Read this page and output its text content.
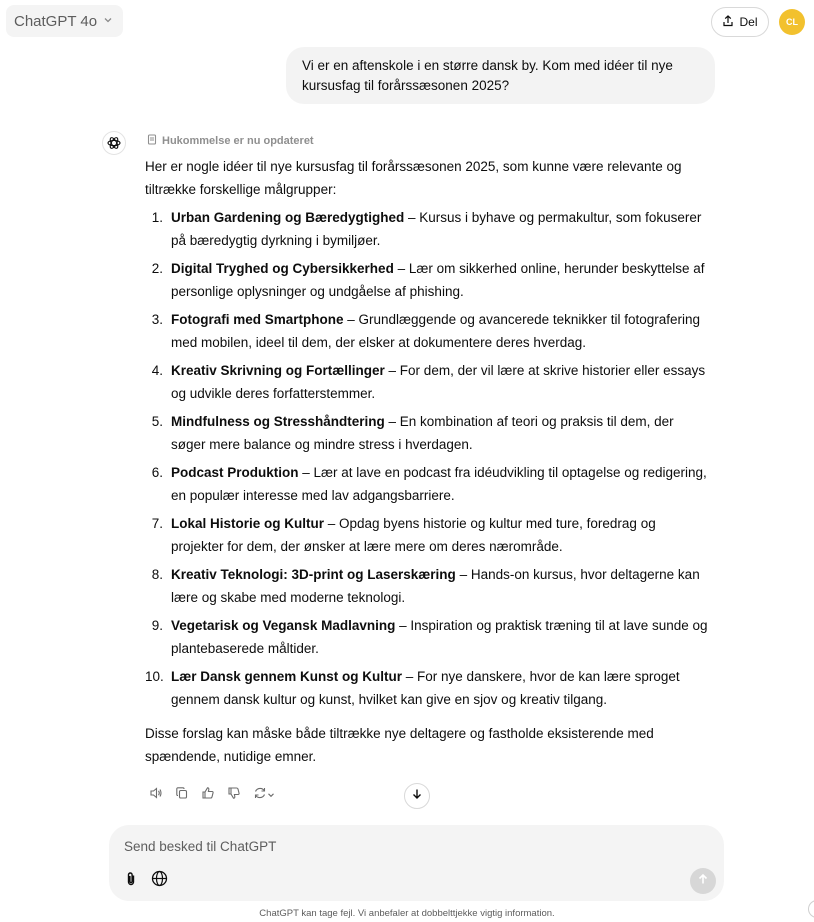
ChatGPT 4o	Del	CL
Vi er en aftenskole i en større dansk by. Kom med idéer til nye kursusfag til forårssæsonen 2025?
Hukommelse er nu opdateret

Her er nogle idéer til nye kursusfag til forårssæsonen 2025, som kunne være relevante og tiltrække forskellige målgrupper:

1. Urban Gardening og Bæredygtighed – Kursus i byhave og permakultur, som fokuserer på bæredygtig dyrkning i bymiljøer.
2. Digital Tryghed og Cybersikkerhed – Lær om sikkerhed online, herunder beskyttelse af personlige oplysninger og undgåelse af phishing.
3. Fotografi med Smartphone – Grundlæggende og avancerede teknikker til fotografering med mobilen, ideel til dem, der elsker at dokumentere deres hverdag.
4. Kreativ Skrivning og Fortællinger – For dem, der vil lære at skrive historier eller essays og udvikle deres forfatterstemmer.
5. Mindfulness og Stresshåndtering – En kombination af teori og praksis til dem, der søger mere balance og mindre stress i hverdagen.
6. Podcast Produktion – Lær at lave en podcast fra idéudvikling til optagelse og redigering, en populær interesse med lav adgangsbarriere.
7. Lokal Historie og Kultur – Opdag byens historie og kultur med ture, foredrag og projekter for dem, der ønsker at lære mere om deres nærområde.
8. Kreativ Teknologi: 3D-print og Laserskæring – Hands-on kursus, hvor deltagerne kan lære og skabe med moderne teknologi.
9. Vegetarisk og Vegansk Madlavning – Inspiration og praktisk træning til at lave sunde og plantebaserede måltider.
10. Lær Dansk gennem Kunst og Kultur – For nye danskere, hvor de kan lære sproget gennem dansk kultur og kunst, hvilket kan give en sjov og kreativ tilgang.

Disse forslag kan måske både tiltrække nye deltagere og fastholde eksisterende med spændende, nutidige emner.

Send besked til ChatGPT
ChatGPT kan tage fejl. Vi anbefaler at dobbelttjekke vigtig information.
